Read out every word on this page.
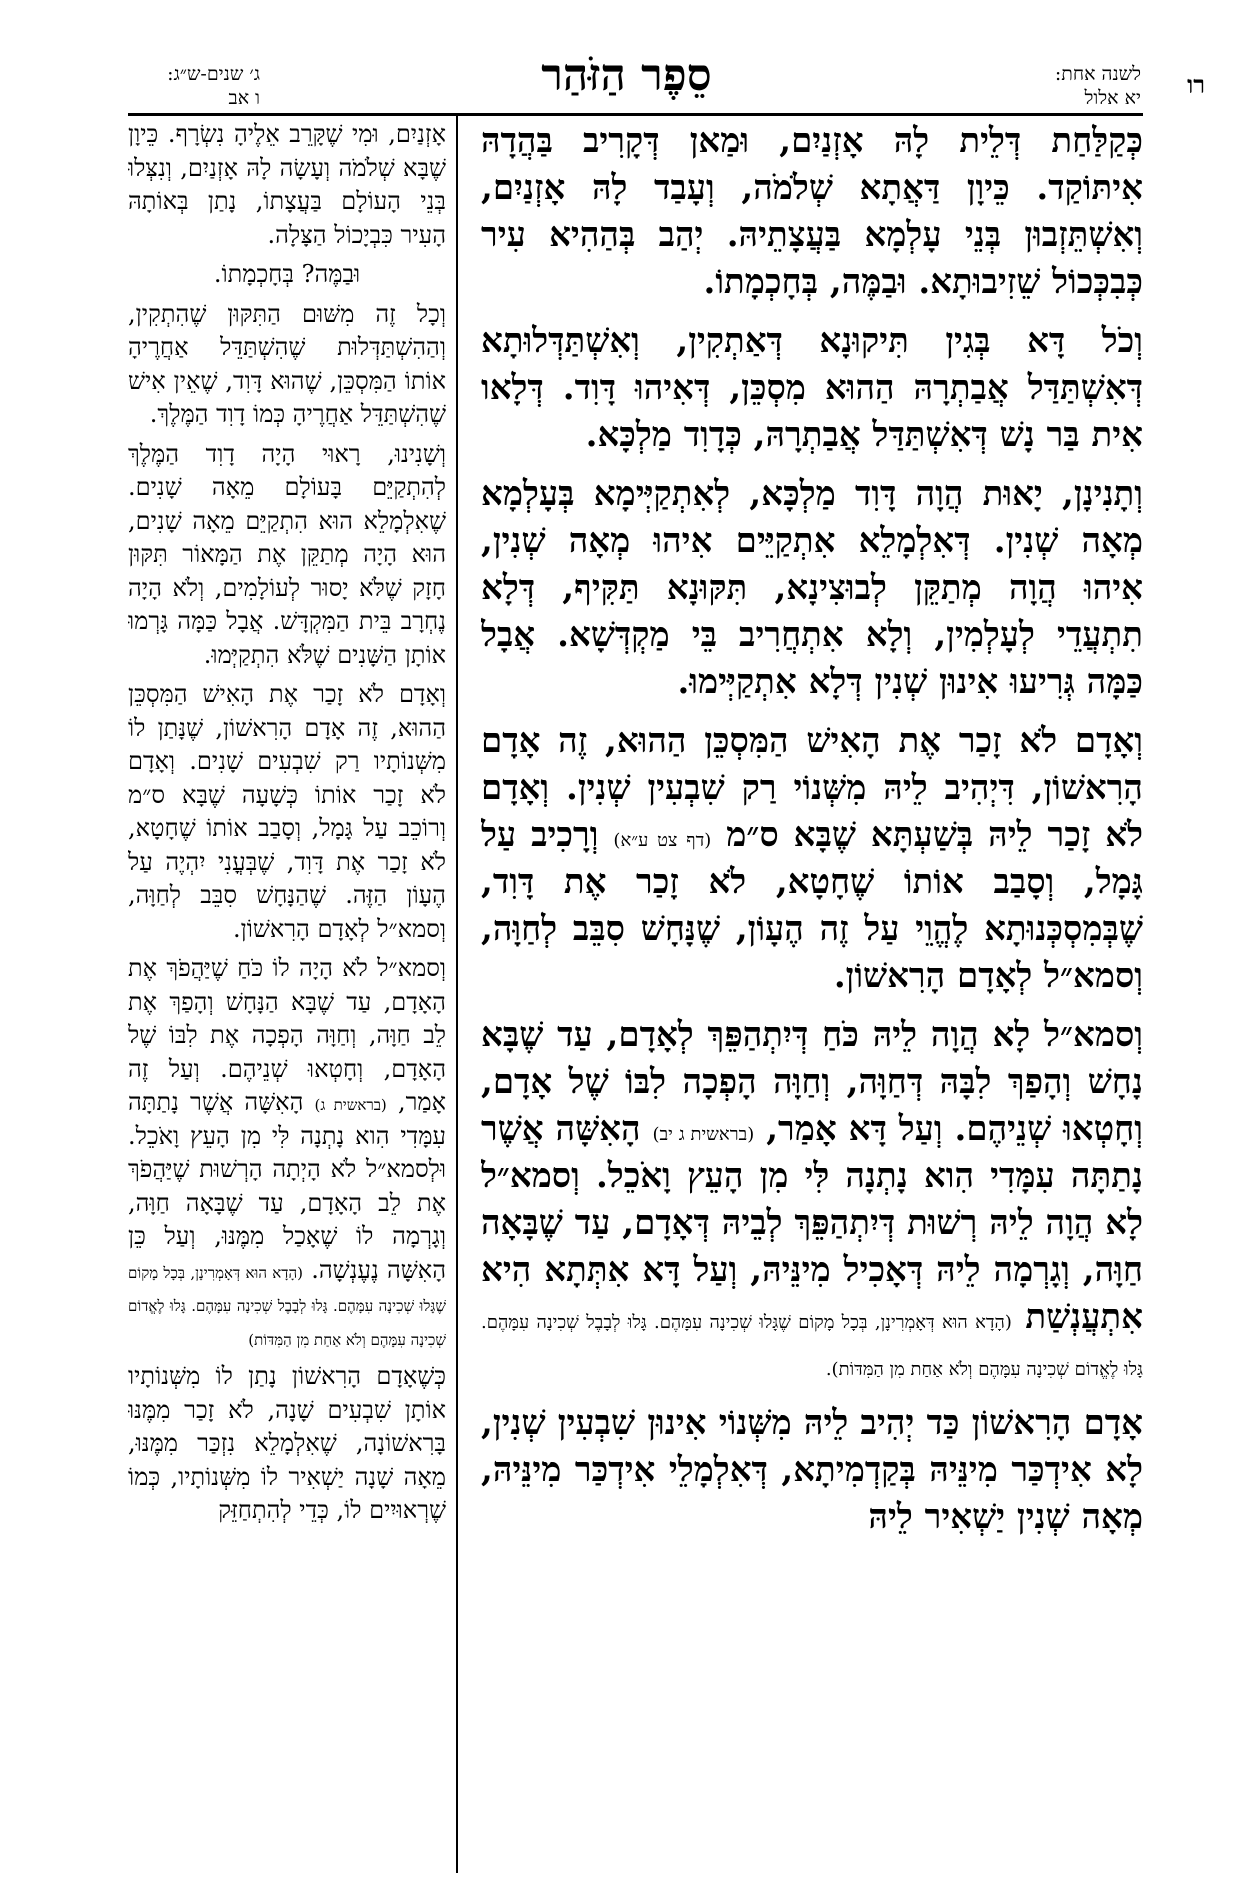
רו
לשנה אחת:
יא אלול
סֵפֶר הַזֹּהַר
ג׳ שנים-ש״ג:
ו אב

כְּקַלַּחַת דְּלֵית לָהּ אָזְנַיִם, וּמַאן דְּקָרִיב בַּהֲדָהּ אִיתּוֹקַד. כֵּיוָן דַּאֲתָא שְׁלֹמֹה, וְעָבַד לָהּ אָזְנַיִם, וְאִשְׁתֵּזְבוּן בְּנֵי עָלְמָא בַּעֲצָתֵיהּ. יְהַב בְּהַהִיא עִיר כְּבִכְּכוֹל שֵׁזִיבוּתָא. וּבַמֶּה, בְּחָכְמָתוֹ.

וְכֹל דָּא בְּגִין תִּיקוּנָא דְּאַתְקִין, וְאִשְׁתַּדְּלוּתָא דְּאִשְׁתַּדַּל אֲבַתְרָהּ הַהוּא מִסְכֵּן, דְּאִיהוּ דָּוִד. דְּלָאו אִית בַּר נָשׁ דְּאִשְׁתַּדַּל אֲבַתְרָהּ, כְּדָוִד מַלְכָּא.

וְתָנִינָן, יָאוּת הֲוָה דָּוִד מַלְכָּא, לְאִתְקַיְּימָא בְּעָלְמָא מְאָה שְׁנִין. דְּאִלְמָלֵא אִתְקַיֵּים אִיהוּ מְאָה שְׁנִין, אִיהוּ הֲוָה מְתַקֵּן לְבוּצִינָא, תִּקּוּנָא תַּקִּיף, דְּלָא תִתְעֲדֵי לְעָלְמִין, וְלָא אִתְחֲרִיב בֵּי מַקְדְּשָׁא. אֲבָל כַּמָּה גְּרִיעוּ אִינוּן שְׁנִין דְּלָא אִתְקַיְּימוּ.

וְאָדָם לֹא זָכַר אֶת הָאִישׁ הַמִּסְכֵּן הַהוּא, זֶה אָדָם הָרִאשׁוֹן, דִּיְהִיב לֵיהּ מִשְּׁנוֹי רַק שִׁבְעִין שְׁנִין. וְאָדָם לֹא זָכַר לֵיהּ בְּשַׁעְתָּא שֶׁבָּא ס״מ (דף צט ע״א) וְרָכִיב עַל גָּמָל, וְסָבַב אוֹתוֹ שֶׁחָטָא, לֹא זָכַר אֶת דָּוִד, שֶׁבְּמִסְכְּנוּתָא לֶהֱוֵי עַל זֶה הֶעָוֹן, שֶׁנָּחָשׁ סִבֵּב לְחַוָּה, וְסמא״ל לְאָדָם הָרִאשׁוֹן.

וְסמא״ל לָא הֲוָה לֵיהּ כֹּחַ דְּיִתְהַפֵּךְ לְאָדָם, עַד שֶׁבָּא נָחָשׁ וְהָפַךְ לִבָּהּ דְּחַוָּה, וְחַוָּה הָפְכָה לִבּוֹ שֶׁל אָדָם, וְחָטְאוּ שְׁנֵיהֶם. וְעַל דָּא אָמַר, (בראשית ג יב) הָאִשָּׁה אֲשֶׁר נָתַתָּה עִמָּדִי הִוא נָתְנָה לִּי מִן הָעֵץ וָאֹכֵל. וְסמא״ל לָא הֲוָה לֵיהּ רְשׁוּת דְּיִתְהַפֵּךְ לְבֵיהּ דְּאָדָם, עַד שֶׁבָּאָה חַוָּה, וְגָרְמָה לֵיהּ דְּאָכִיל מִינֵּיהּ, וְעַל דָּא אִתְּתָא הִיא אִתְעֲנְשַׁת (הָדָא הוּא דְּאָמְרִינָן, בְּכָל מָקוֹם שֶׁגָּלוּ שְׁכִינָה עִמָּהֶם. גָּלוּ לְבָבֶל שְׁכִינָה עִמָּהֶם. גָּלוּ לֶאֱדוֹם שְׁכִינָה עִמָּהֶם וְלֹא אַחַת מִן הַמִּדּוֹת).

אָדָם הָרִאשׁוֹן כַּד יְהִיב לֵיהּ מִשְּׁנוֹי אִינוּן שִׁבְעִין שְׁנִין, לָא אִידְכַּר מִינֵּיהּ בְּקַדְמִיתָא, דְּאִלְמָלֵי אִידְכַּר מִינֵּיהּ, מְאָה שְׁנִין יַשְׁאִיר לֵיהּ

אָזְנַיִם, וּמִי שֶׁקָּרֵב אֵלֶיהָ נִשְׂרָף. כֵּיוָן שֶׁבָּא שְׁלֹמֹה וְעָשָׂה לָהּ אָזְנַיִם, וְנִצְּלוּ בְּנֵי הָעוֹלָם בַּעֲצָתוֹ, נָתַן בְּאוֹתָהּ הָעִיר כִּבְיָכוֹל הַצָּלָה.

וּבַמֶּה? בְּחָכְמָתוֹ.

וְכָל זֶה מִשּׁוּם הַתִּקּוּן שֶׁהִתְקִין, וְהַהִשְׁתַּדְּלוּת שֶׁהִשְׁתַּדֵּל אַחֲרֶיהָ אוֹתוֹ הַמִּסְכֵּן, שֶׁהוּא דָּוִד, שֶׁאֵין אִישׁ שֶׁהִשְׁתַּדֵּל אַחֲרֶיהָ כְּמוֹ דָוִד הַמֶּלֶךְ.

וְשָׁנִינוּ, רָאוּי הָיָה דָוִד הַמֶּלֶךְ לְהִתְקַיֵּם בָּעוֹלָם מֵאָה שָׁנִים. שֶׁאִלְמָלֵא הוּא הִתְקַיֵּם מֵאָה שָׁנִים, הוּא הָיָה מְתַקֵּן אֶת הַמָּאוֹר תִּקּוּן חָזָק שֶׁלֹּא יָסוּר לְעוֹלָמִים, וְלֹא הָיָה נֶחְרָב בֵּית הַמִּקְדָּשׁ. אֲבָל כַּמָּה גָּרְמוּ אוֹתָן הַשָּׁנִים שֶׁלֹּא הִתְקַיְּמוּ.

וְאָדָם לֹא זָכַר אֶת הָאִישׁ הַמִּסְכֵּן הַהוּא, זֶה אָדָם הָרִאשׁוֹן, שֶׁנָּתַן לוֹ מִשְּׁנוֹתָיו רַק שִׁבְעִים שָׁנִים. וְאָדָם לֹא זָכַר אוֹתוֹ כְּשָׁעָה שֶׁבָּא ס״מ וְרוֹכֵב עַל גָּמָל, וְסָבַב אוֹתוֹ שֶׁחָטָא, לֹא זָכַר אֶת דָּוִד, שֶׁבְּעֳנִי יִהְיֶה עַל הֶעָוֹן הַזֶּה. שֶׁהַנָּחָשׁ סִבֵּב לְחַוָּה, וְסמא״ל לְאָדָם הָרִאשׁוֹן.

וְסמא״ל לֹא הָיָה לוֹ כֹּחַ שֶׁיַּהֲפֹךְ אֶת הָאָדָם, עַד שֶׁבָּא הַנָּחָשׁ וְהָפַךְ אֶת לֵב חַוָּה, וְחַוָּה הָפְכָה אֶת לִבּוֹ שֶׁל הָאָדָם, וְחָטְאוּ שְׁנֵיהֶם. וְעַל זֶה אָמַר, (בראשית ג) הָאִשָּׁה אֲשֶׁר נָתַתָּה עִמָּדִי הִוא נָתְנָה לִּי מִן הָעֵץ וָאֹכֵל. וּלְסמא״ל לֹא הָיְתָה הָרְשׁוּת שֶׁיַּהֲפֹךְ אֶת לֵב הָאָדָם, עַד שֶׁבָּאָה חַוָּה, וְגָרְמָה לוֹ שֶׁאָכַל מִמֶּנּוּ, וְעַל כֵּן הָאִשָּׁה נֶעֶנְשָׁה. (הָדָא הוּא דְּאָמְרִינָן, בְּכָל מָקוֹם שֶׁגָּלוּ שְׁכִינָה עִמָּהֶם. גָּלוּ לְבָבֶל שְׁכִינָה עִמָּהֶם. גָּלוּ לֶאֱדוֹם שְׁכִינָה עִמָּהֶם וְלֹא אַחַת מִן הַמִּדּוֹת)

כְּשֶׁאָדָם הָרִאשׁוֹן נָתַן לוֹ מִשְּׁנוֹתָיו אוֹתָן שִׁבְעִים שָׁנָה, לֹא זָכַר מִמֶּנּוּ בָּרִאשׁוֹנָה, שֶׁאִלְמָלֵא נִזְכַּר מִמֶּנּוּ, מֵאָה שָׁנָה יַשְׁאִיר לוֹ מִשְּׁנוֹתָיו, כְּמוֹ שֶׁרְאוּיִים לוֹ, כְּדֵי לְהִתְחַזֵּק
